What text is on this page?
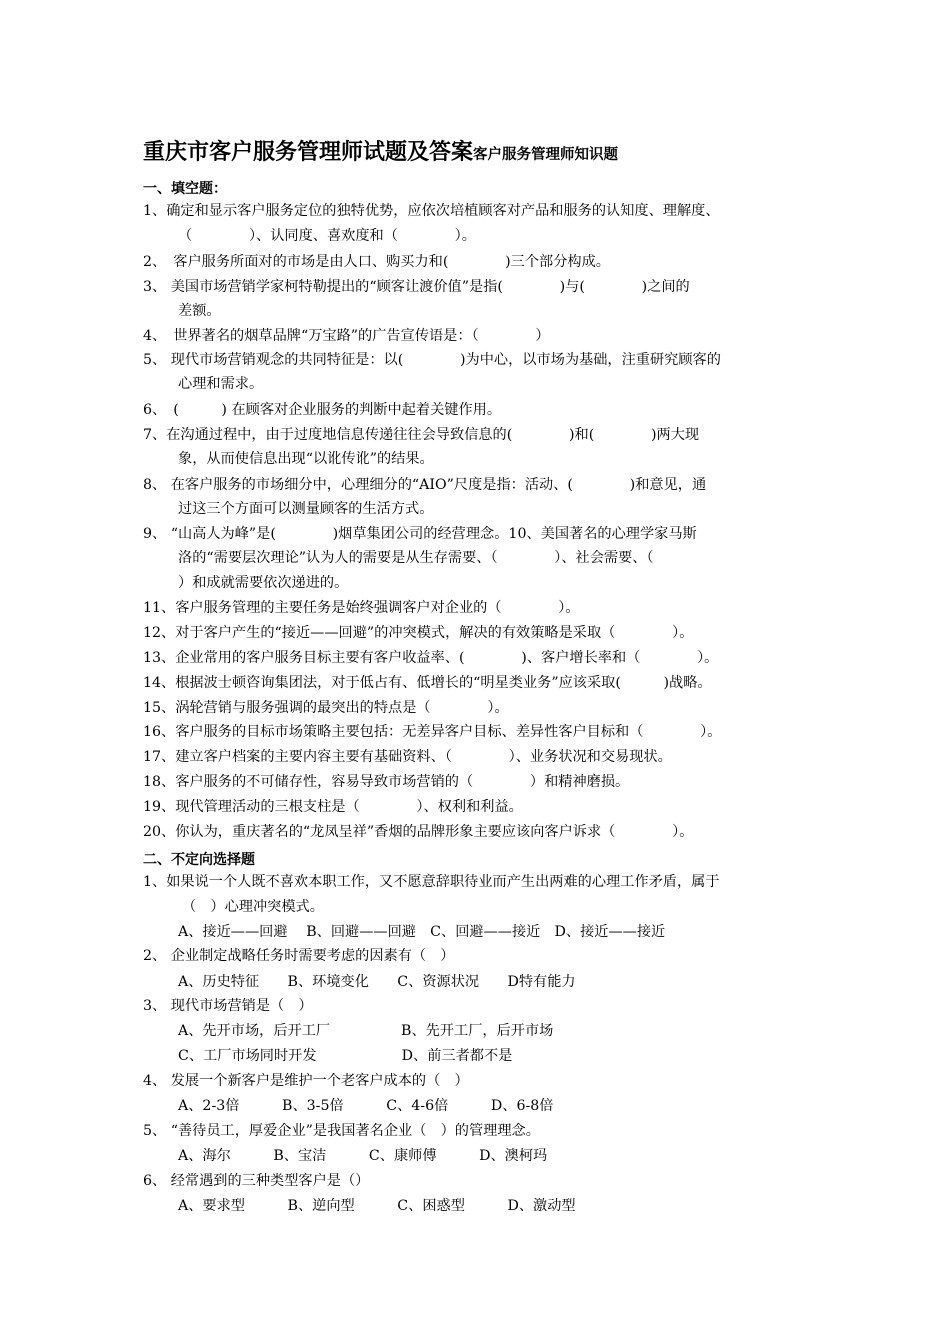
重庆市客户服务管理师试题及答案客户服务管理师知识题
一、填空题：
1、确定和显示客户服务定位的独特优势，应依次培植顾客对产品和服务的认知度、理解度、
（　　　　）、认同度、喜欢度和（　　　　）。
2、　客户服务所面对的市场是由人口、购买力和(　　　　)三个部分构成。
3、 美国市场营销学家柯特勒提出的“顾客让渡价值”是指(　　　　)与(　　　　)之间的
差额。
4、　世界著名的烟草品牌“万宝路”的广告宣传语是：（　　　　）
5、 现代市场营销观念的共同特征是：以(　　　　)为中心，以市场为基础，注重研究顾客的
心理和需求。
6、　(　　　) 在顾客对企业服务的判断中起着关键作用。
7、在沟通过程中，由于过度地信息传递往往会导致信息的(　　　　)和(　　　　)两大现
象，从而使信息出现“以讹传讹”的结果。
8、 在客户服务的市场细分中，心理细分的“AIO”尺度是指：活动、(　　　　)和意见，通
过这三个方面可以测量顾客的生活方式。
9、 “山高人为峰”是(　　　　)烟草集团公司的经营理念。10、美国著名的心理学家马斯
洛的“需要层次理论”认为人的需要是从生存需要、（　　　　）、社会需要、（
）和成就需要依次递进的。
11、客户服务管理的主要任务是始终强调客户对企业的（　　　　）。
12、对于客户产生的“接近——回避”的冲突模式，解决的有效策略是采取（　　　　）。
13、企业常用的客户服务目标主要有客户收益率、(　　　　)、客户增长率和（　　　　）。
14、根据波士顿咨询集团法，对于低占有、低增长的“明星类业务”应该采取(　　　)战略。
15、涡轮营销与服务强调的最突出的特点是（　　　　）。
16、客户服务的目标市场策略主要包括：无差异客户目标、差异性客户目标和（　　　　）。
17、建立客户档案的主要内容主要有基础资料、（　　　　）、业务状况和交易现状。
18、客户服务的不可储存性，容易导致市场营销的（　　　　）和精神磨损。
19、现代管理活动的三根支柱是（　　　　）、权利和利益。
20、你认为，重庆著名的“龙凤呈祥”香烟的品牌形象主要应该向客户诉求（　　　　）。
二、不定向选择题
1、如果说一个人既不喜欢本职工作，又不愿意辞职待业而产生出两难的心理工作矛盾，属于
（　）心理冲突模式。
A、接近——回避　 B、回避——回避　C、回避——接近　D、接近——接近
2、 企业制定战略任务时需要考虑的因素有（　）
A、历史特征　　B、环境变化　　C、资源状况　　D特有能力
3、 现代市场营销是（　）
A、先开市场，后开工厂　　　　　B、先开工厂，后开市场
C、工厂市场同时开发　　　　　　D、前三者都不是
4、 发展一个新客户是维护一个老客户成本的（　）
A、2-3倍　　　B、3-5倍　　　C、4-6倍　　　D、6-8倍
5、 “善待员工，厚爱企业”是我国著名企业（　）的管理理念。
A、海尔　　　B、宝洁　　　C、康师傅　　　D、澳柯玛
6、 经常遇到的三种类型客户是（）
A、要求型　　　B、逆向型　　　C、困惑型　　　D、激动型
